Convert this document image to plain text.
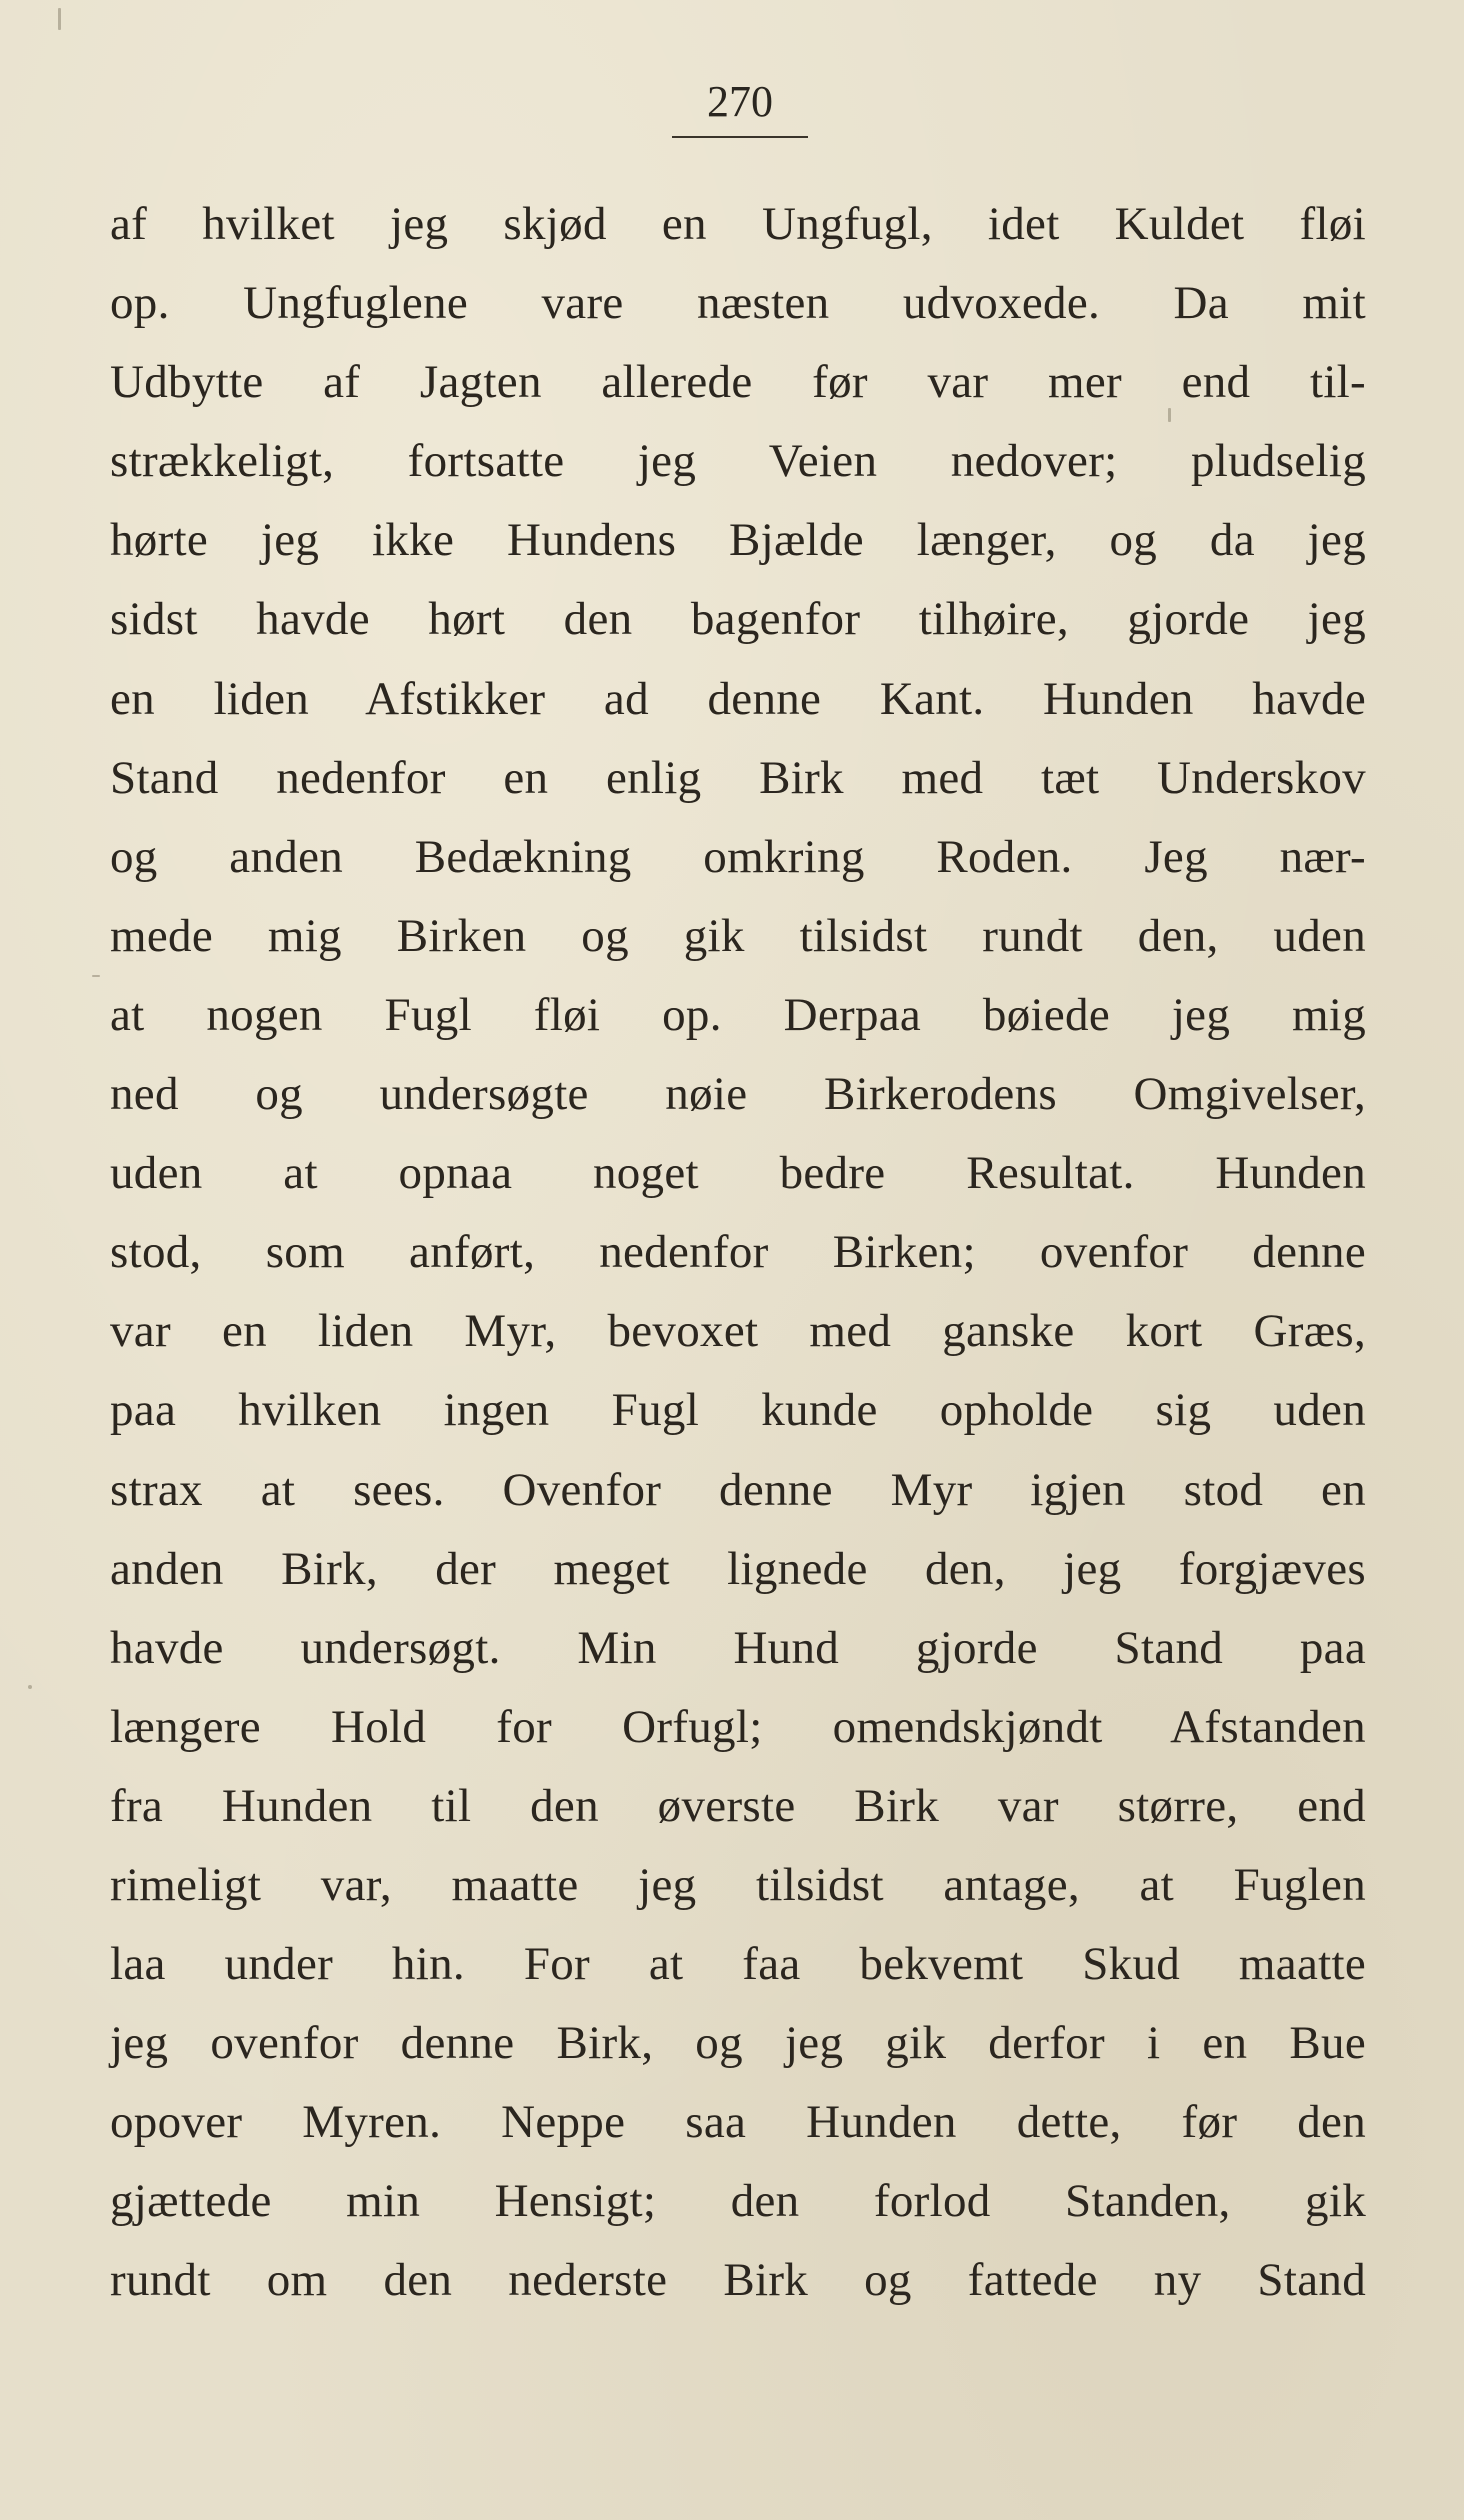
270
af hvilket jeg skjød en Ungfugl, idet Kuldet fløi
op. Ungfuglene vare næsten udvoxede. Da mit
Udbytte af Jagten allerede før var mer end til-
strækkeligt, fortsatte jeg Veien nedover; pludselig
hørte jeg ikke Hundens Bjælde længer, og da jeg
sidst havde hørt den bagenfor tilhøire, gjorde jeg
en liden Afstikker ad denne Kant. Hunden havde
Stand nedenfor en enlig Birk med tæt Underskov
og anden Bedækning omkring Roden. Jeg nær-
mede mig Birken og gik tilsidst rundt den, uden
at nogen Fugl fløi op. Derpaa bøiede jeg mig
ned og undersøgte nøie Birkerodens Omgivelser,
uden at opnaa noget bedre Resultat. Hunden
stod, som anført, nedenfor Birken; ovenfor denne
var en liden Myr, bevoxet med ganske kort Græs,
paa hvilken ingen Fugl kunde opholde sig uden
strax at sees. Ovenfor denne Myr igjen stod en
anden Birk, der meget lignede den, jeg forgjæves
havde undersøgt. Min Hund gjorde Stand paa
længere Hold for Orfugl; omendskjøndt Afstanden
fra Hunden til den øverste Birk var større, end
rimeligt var, maatte jeg tilsidst antage, at Fuglen
laa under hin. For at faa bekvemt Skud maatte
jeg ovenfor denne Birk, og jeg gik derfor i en Bue
opover Myren. Neppe saa Hunden dette, før den
gjættede min Hensigt; den forlod Standen, gik
rundt om den nederste Birk og fattede ny Stand
